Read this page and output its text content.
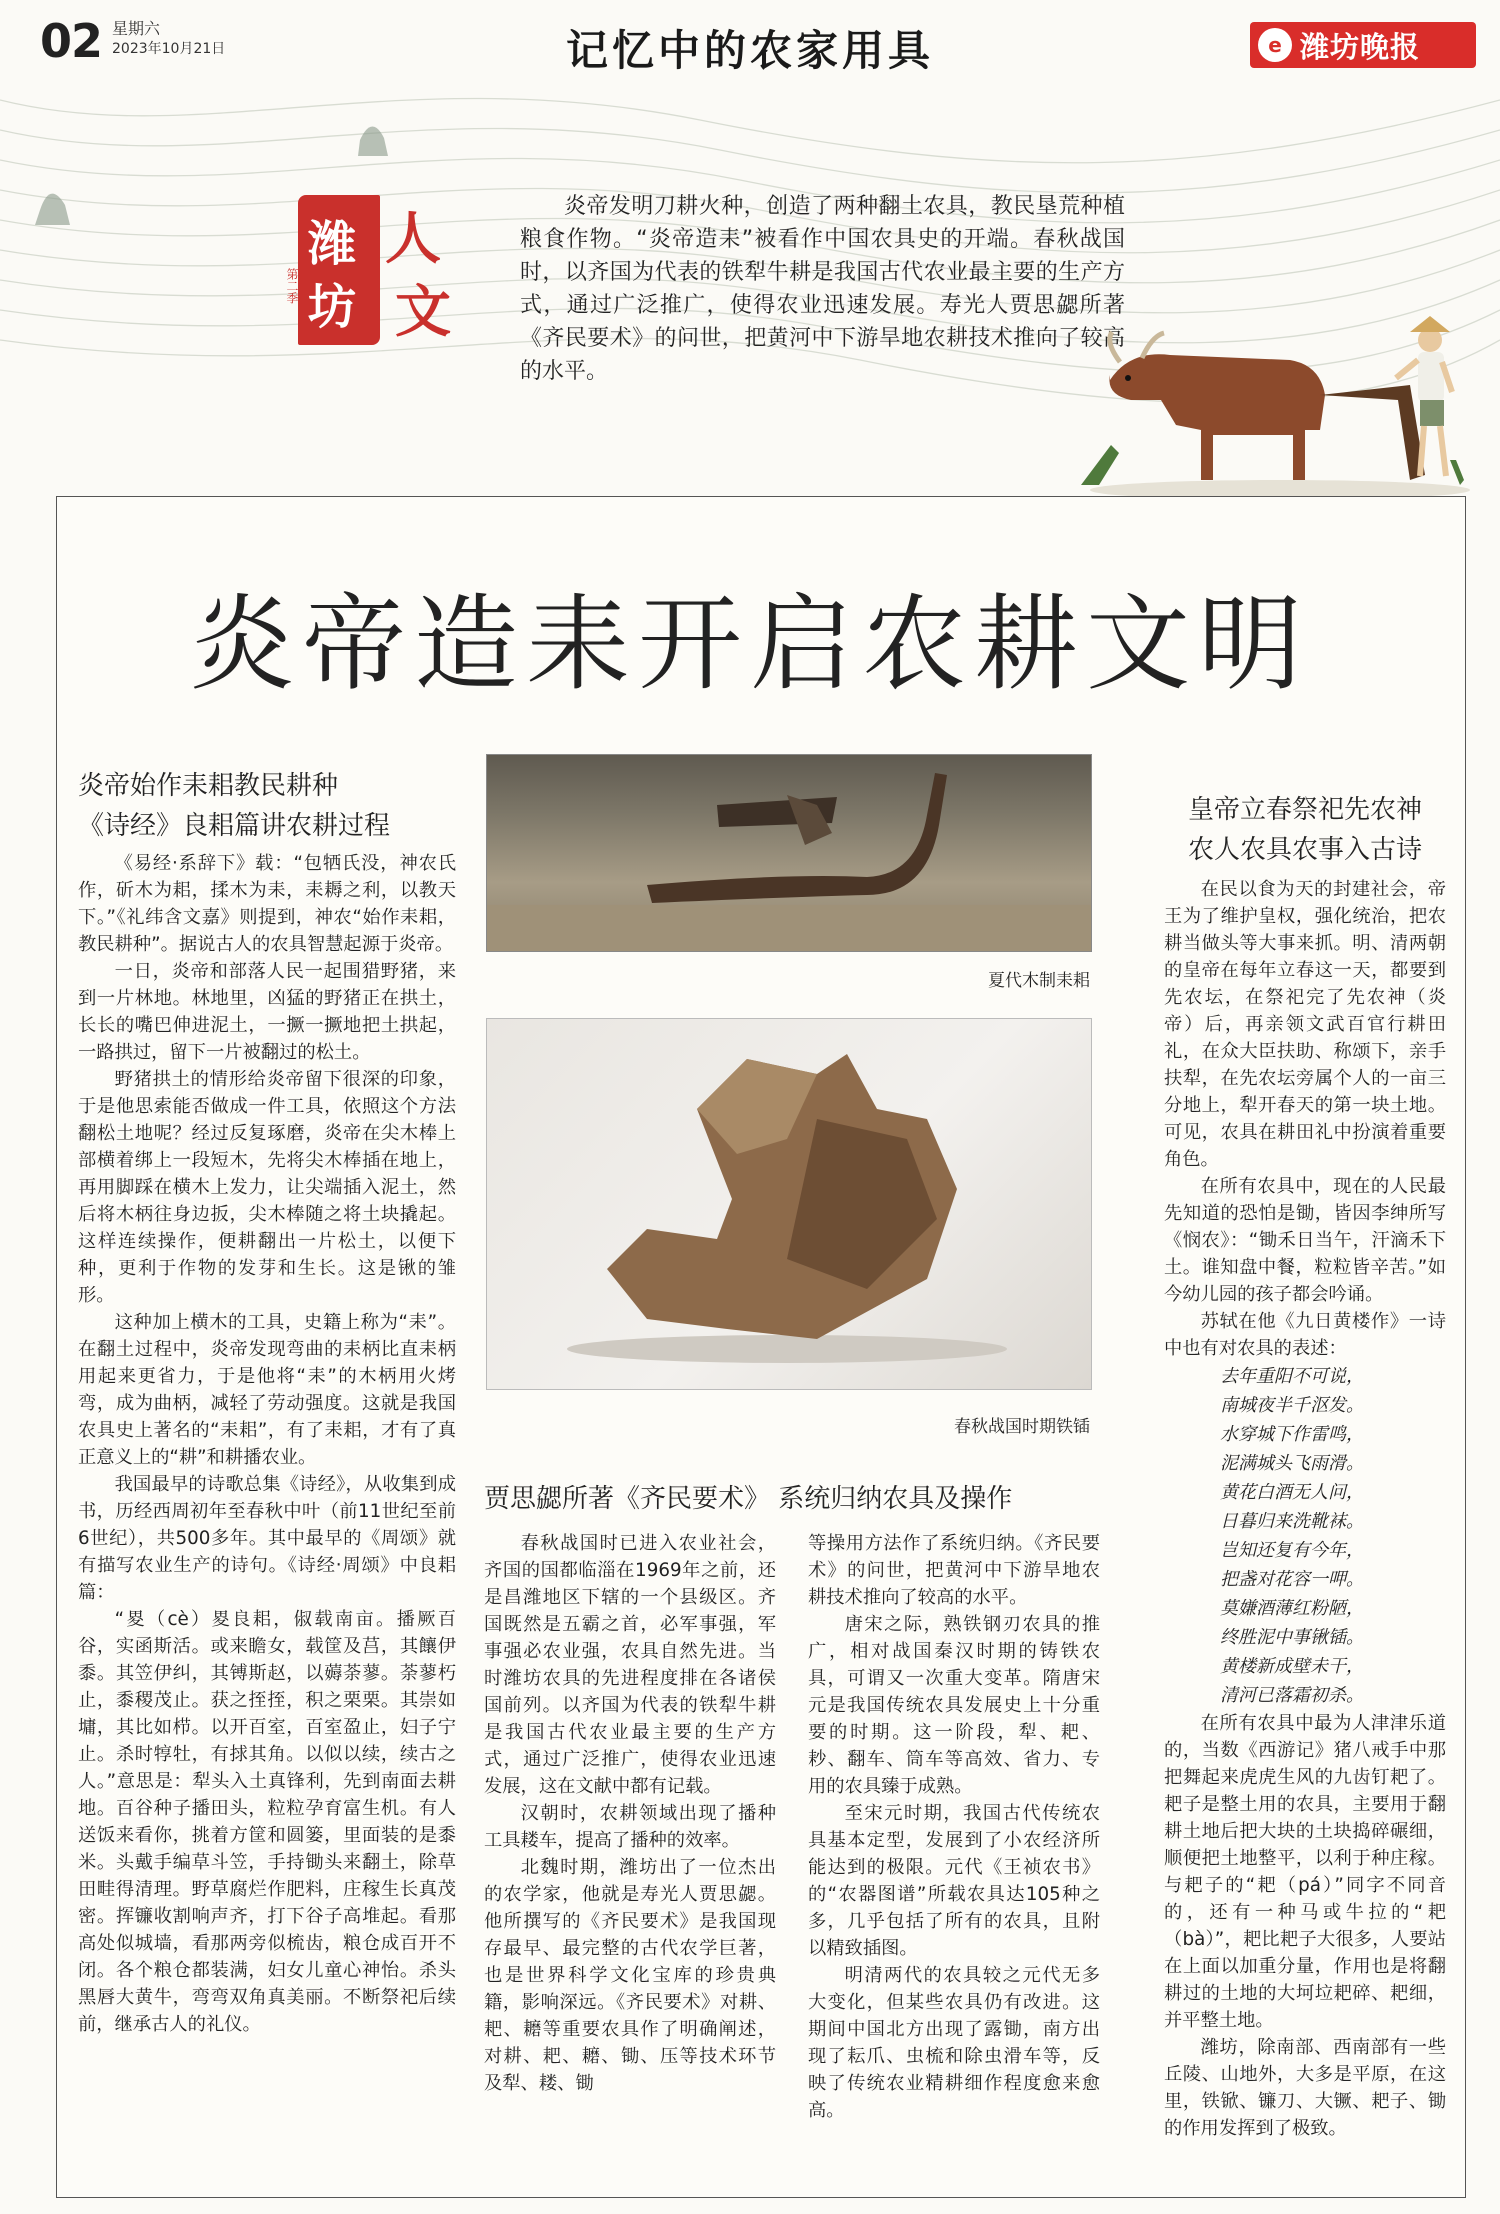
02 星期六
2023年10月21日	记忆中的农家用具	e 潍坊晚报
潍
坊
人
文
第二季
炎帝发明刀耕火种，创造了两种翻土农具，教民垦荒种植粮食作物。“炎帝造耒”被看作中国农具史的开端。春秋战国时，以齐国为代表的铁犁牛耕是我国古代农业最主要的生产方式，通过广泛推广，使得农业迅速发展。寿光人贾思勰所著《齐民要术》的问世，把黄河中下游旱地农耕技术推向了较高的水平。
炎帝造耒开启农耕文明
炎帝始作耒耜教民耕种
《诗经》良耜篇讲农耕过程

《易经·系辞下》载：“包牺氏没，神农氏作，斫木为耜，揉木为耒，耒耨之利，以教天下。”《礼纬含文嘉》则提到，神农“始作耒耜，教民耕种”。据说古人的农具智慧起源于炎帝。

一日，炎帝和部落人民一起围猎野猪，来到一片林地。林地里，凶猛的野猪正在拱土，长长的嘴巴伸进泥土，一撅一撅地把土拱起，一路拱过，留下一片被翻过的松土。

野猪拱土的情形给炎帝留下很深的印象，于是他思索能否做成一件工具，依照这个方法翻松土地呢？经过反复琢磨，炎帝在尖木棒上部横着绑上一段短木，先将尖木棒插在地上，再用脚踩在横木上发力，让尖端插入泥土，然后将木柄往身边扳，尖木棒随之将土块撬起。这样连续操作，便耕翻出一片松土，以便下种，更利于作物的发芽和生长。这是锹的雏形。

这种加上横木的工具，史籍上称为“耒”。在翻土过程中，炎帝发现弯曲的耒柄比直耒柄用起来更省力，于是他将“耒”的木柄用火烤弯，成为曲柄，减轻了劳动强度。这就是我国农具史上著名的“耒耜”，有了耒耜，才有了真正意义上的“耕”和耕播农业。

我国最早的诗歌总集《诗经》，从收集到成书，历经西周初年至春秋中叶（前11世纪至前6世纪），共500多年。其中最早的《周颂》就有描写农业生产的诗句。《诗经·周颂》中良耜篇：

“畟（cè）畟良耜，俶载南亩。播厥百谷，实函斯活。或来瞻女，载筐及莒，其饟伊黍。其笠伊纠，其镈斯赵，以薅荼蓼。荼蓼朽止，黍稷茂止。获之挃挃，积之栗栗。其崇如墉，其比如栉。以开百室，百室盈止，妇子宁止。杀时犉牡，有捄其角。以似以续，续古之人。”意思是：犁头入土真锋利，先到南面去耕地。百谷种子播田头，粒粒孕育富生机。有人送饭来看你，挑着方筐和圆篓，里面装的是黍米。头戴手编草斗笠，手持锄头来翻土，除草田畦得清理。野草腐烂作肥料，庄稼生长真茂密。挥镰收割响声齐，打下谷子高堆起。看那高处似城墙，看那两旁似梳齿，粮仓成百开不闭。各个粮仓都装满，妇女儿童心神怡。杀头黑唇大黄牛，弯弯双角真美丽。不断祭祀后续前，继承古人的礼仪。

夏代木制耒耜
春秋战国时期铁锸
贾思勰所著《齐民要术》 系统归纳农具及操作

春秋战国时已进入农业社会，齐国的国都临淄在1969年之前，还是昌潍地区下辖的一个县级区。齐国既然是五霸之首，必军事强，军事强必农业强，农具自然先进。当时潍坊农具的先进程度排在各诸侯国前列。以齐国为代表的铁犁牛耕是我国古代农业最主要的生产方式，通过广泛推广，使得农业迅速发展，这在文献中都有记载。

汉朝时，农耕领域出现了播种工具耧车，提高了播种的效率。

北魏时期，潍坊出了一位杰出的农学家，他就是寿光人贾思勰。他所撰写的《齐民要术》是我国现存最早、最完整的古代农学巨著，也是世界科学文化宝库的珍贵典籍，影响深远。《齐民要术》对耕、耙、耱等重要农具作了明确阐述，对耕、耙、耱、锄、压等技术环节及犁、耧、锄

等操用方法作了系统归纳。《齐民要术》的问世，把黄河中下游旱地农耕技术推向了较高的水平。

唐宋之际，熟铁钢刃农具的推广，相对战国秦汉时期的铸铁农具，可谓又一次重大变革。隋唐宋元是我国传统农具发展史上十分重要的时期。这一阶段，犁、耙、耖、翻车、筒车等高效、省力、专用的农具臻于成熟。

至宋元时期，我国古代传统农具基本定型，发展到了小农经济所能达到的极限。元代《王祯农书》的“农器图谱”所载农具达105种之多，几乎包括了所有的农具，且附以精致插图。

明清两代的农具较之元代无多大变化，但某些农具仍有改进。这期间中国北方出现了露锄，南方出现了耘爪、虫梳和除虫滑车等，反映了传统农业精耕细作程度愈来愈高。

皇帝立春祭祀先农神
农人农具农事入古诗

在民以食为天的封建社会，帝王为了维护皇权，强化统治，把农耕当做头等大事来抓。明、清两朝的皇帝在每年立春这一天，都要到先农坛，在祭祀完了先农神（炎帝）后，再亲领文武百官行耕田礼，在众大臣扶助、称颂下，亲手扶犁，在先农坛旁属个人的一亩三分地上，犁开春天的第一块土地。可见，农具在耕田礼中扮演着重要角色。

在所有农具中，现在的人民最先知道的恐怕是锄，皆因李绅所写《悯农》：“锄禾日当午，汗滴禾下土。谁知盘中餐，粒粒皆辛苦。”如今幼儿园的孩子都会吟诵。

苏轼在他《九日黄楼作》一诗中也有对农具的表述：

去年重阳不可说，
南城夜半千沤发。
水穿城下作雷鸣，
泥满城头飞雨滑。
黄花白酒无人问，
日暮归来洗靴袜。
岂知还复有今年，
把盏对花容一呷。
莫嫌酒薄红粉陋，
终胜泥中事锹锸。
黄楼新成壁未干，
清河已落霜初杀。

在所有农具中最为人津津乐道的，当数《西游记》猪八戒手中那把舞起来虎虎生风的九齿钉耙了。耙子是整土用的农具，主要用于翻耕土地后把大块的土块捣碎碾细，顺便把土地整平，以利于种庄稼。与耙子的“耙（pá）”同字不同音的，还有一种马或牛拉的“耙（bà）”，耙比耙子大很多，人要站在上面以加重分量，作用也是将翻耕过的土地的大坷垃耙碎、耙细，并平整土地。

潍坊，除南部、西南部有一些丘陵、山地外，大多是平原，在这里，铁锨、镰刀、大镢、耙子、锄的作用发挥到了极致。
